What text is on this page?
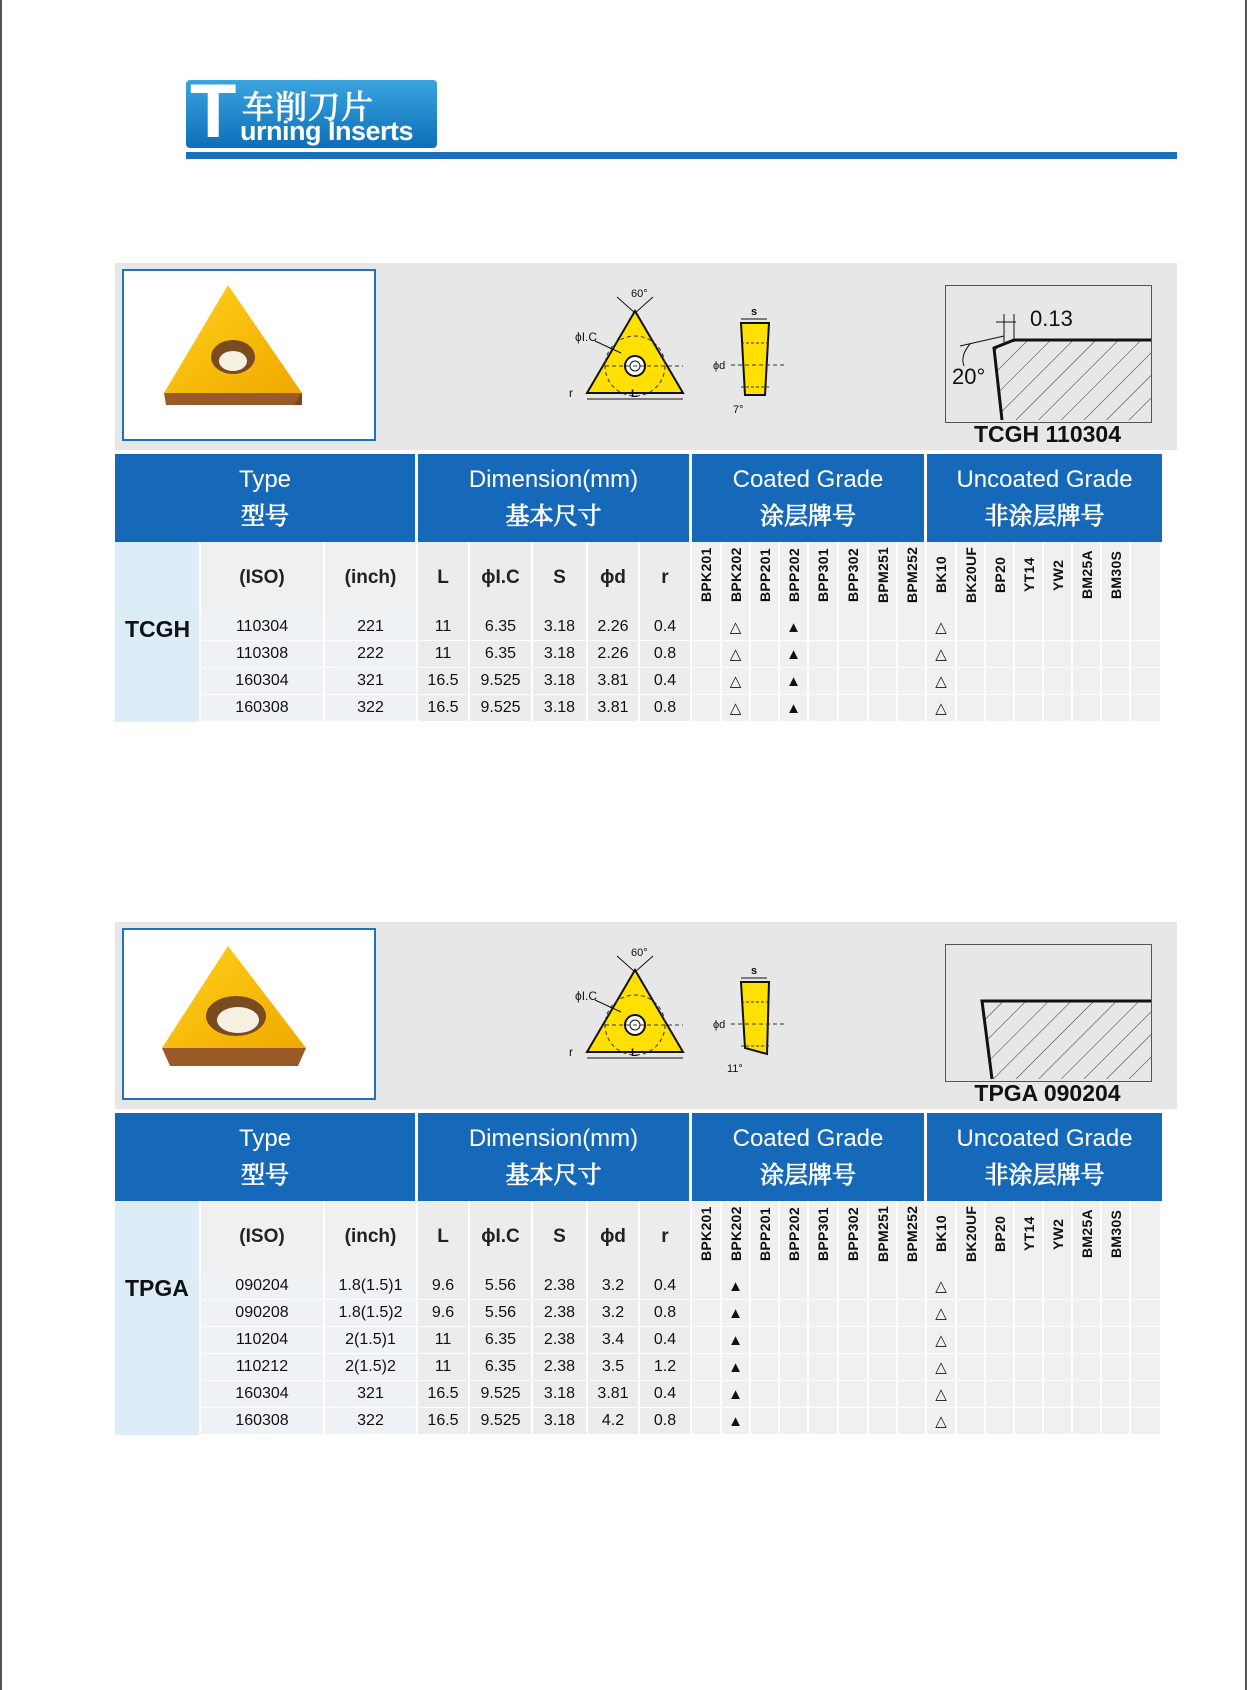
T 车削刀片
urning Inserts
60°
ϕI.C
r	L
s
ϕd
7°
0.13
20°
TCGH 110304
Type
型号			Dimension(mm)
基本尺寸					Coated Grade
涂层牌号								Uncoated Grade
非涂层牌号							

	(ISO)	(inch)	L	ϕI.C	S	ϕd	r	BPK201	BPK202	BPP201	BPP202	BPP301	BPP302	BPM251	BPM252	BK10	BK20UF	BP20	YT14	YW2	BM25A	BM30S	
TCGH	110304	221	11	6.35	3.18	2.26	0.4		△		▲					△							
	110308	222	11	6.35	3.18	2.26	0.8		△		▲					△							
	160304	321	16.5	9.525	3.18	3.81	0.4		△		▲					△							
	160308	322	16.5	9.525	3.18	3.81	0.8		△		▲					△							
60°
ϕI.C
r	L
s
ϕd
11°
TPGA 090204
Type
型号			Dimension(mm)
基本尺寸					Coated Grade
涂层牌号								Uncoated Grade
非涂层牌号							

	(ISO)	(inch)	L	ϕI.C	S	ϕd	r	BPK201	BPK202	BPP201	BPP202	BPP301	BPP302	BPM251	BPM252	BK10	BK20UF	BP20	YT14	YW2	BM25A	BM30S	
TPGA	090204	1.8(1.5)1	9.6	5.56	2.38	3.2	0.4		▲							△							
	090208	1.8(1.5)2	9.6	5.56	2.38	3.2	0.8		▲							△							
	110204	2(1.5)1	11	6.35	2.38	3.4	0.4		▲							△							
	110212	2(1.5)2	11	6.35	2.38	3.5	1.2		▲							△							
	160304	321	16.5	9.525	3.18	3.81	0.4		▲							△							
	160308	322	16.5	9.525	3.18	4.2	0.8		▲							△							
